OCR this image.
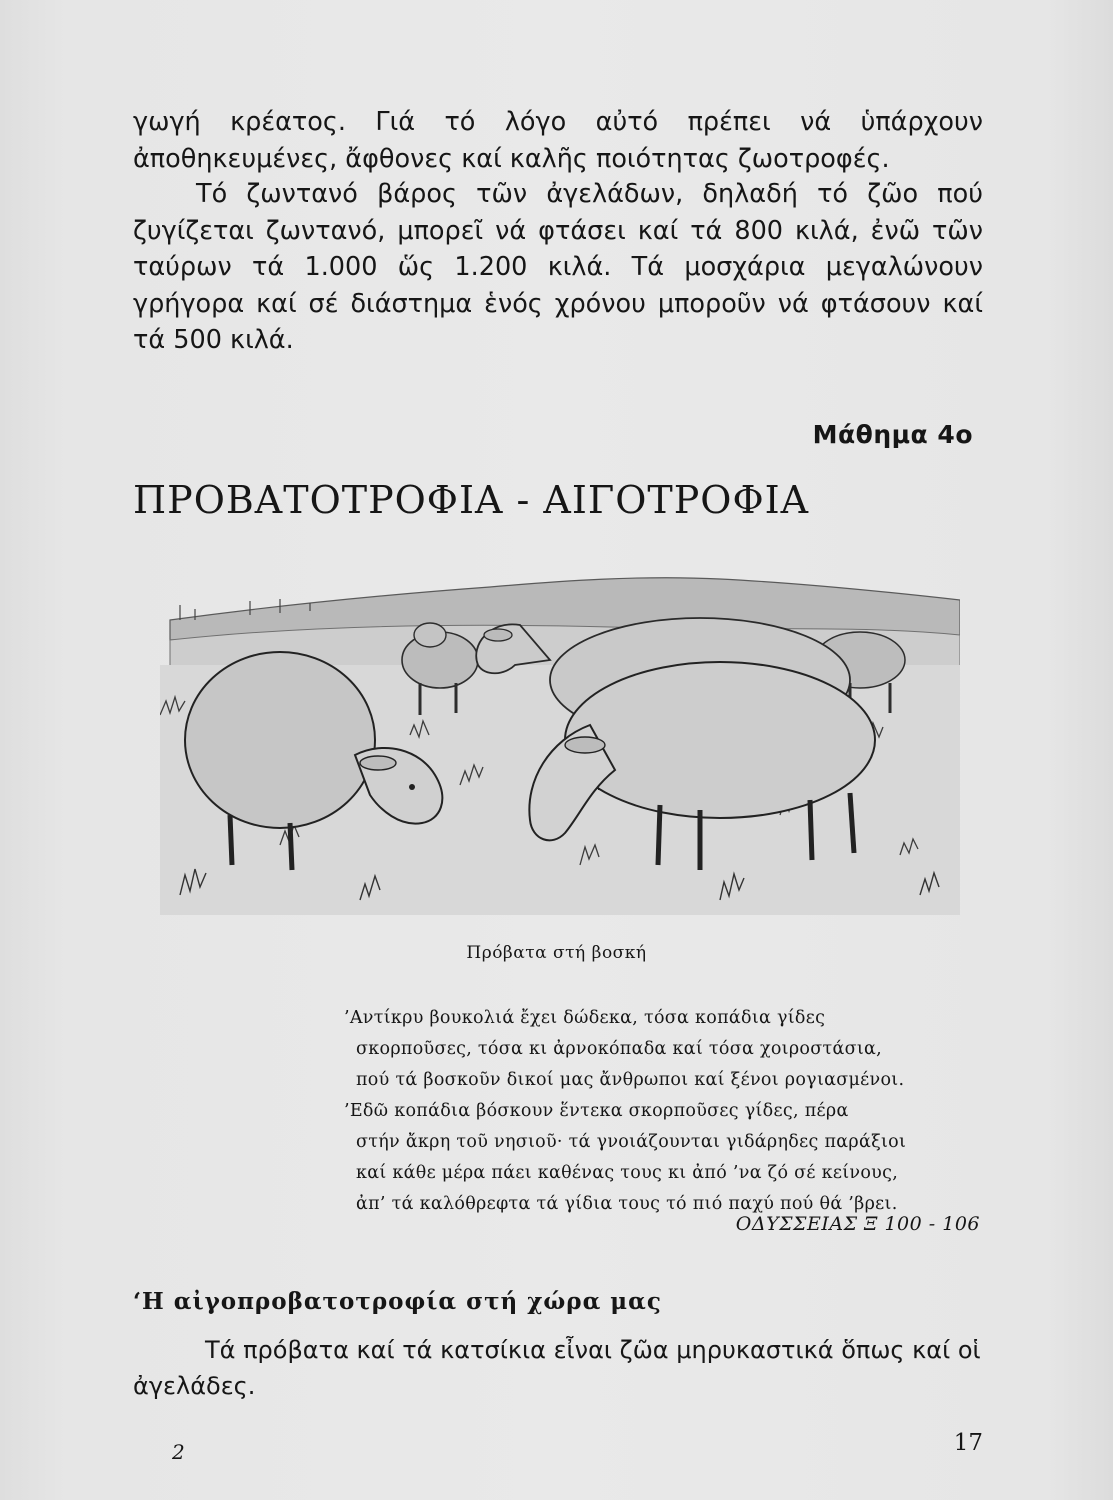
γωγή κρέατος. Γιά τό λόγο αὐτό πρέπει νά ὑπάρχουν ἀποθηκευμένες, ἄφθονες καί καλῆς ποιότητας ζωοτροφές.

Τό ζωντανό βάρος τῶν ἀγελάδων, δηλαδή τό ζῶο πού ζυγίζεται ζωντανό, μπορεῖ νά φτάσει καί τά 800 κιλά, ἐνῶ τῶν ταύρων τά 1.000 ὥς 1.200 κιλά. Τά μοσχάρια μεγαλώνουν γρήγορα καί σέ διάστημα ἑνός χρόνου μποροῦν νά φτάσουν καί τά 500 κιλά.

Μάθημα 4ο
ΠΡΟΒΑΤΟΤΡΟΦΙΑ - ΑΙΓΟΤΡΟΦΙΑ
Πρόβατα στή βοσκή
’Αντίκρυ βουκολιά ἔχει δώδεκα, τόσα κοπάδια γίδες
σκορποῦσες, τόσα κι ἀρνοκόπαδα καί τόσα χοιροστάσια,
πού τά βοσκοῦν δικοί μας ἄνθρωποι καί ξένοι ρογιασμένοι.
’Εδῶ κοπάδια βόσκουν ἕντεκα σκορποῦσες γίδες, πέρα
στήν ἄκρη τοῦ νησιοῦ· τά γνοιάζουνται γιδάρηδες παράξιοι
καί κάθε μέρα πάει καθένας τους κι ἀπό ’να ζό σέ κείνους,
ἀπ’ τά καλόθρεφτα τά γίδια τους τό πιό παχύ πού θά ’βρει.
ΟΔΥΣΣΕΙΑΣ Ξ 100 - 106
‘Η αἰγοπροβατοτροφία στή χώρα μας

Τά πρόβατα καί τά κατσίκια εἶναι ζῶα μηρυκαστικά ὅπως καί οἱ ἀγελάδες.

2	17
